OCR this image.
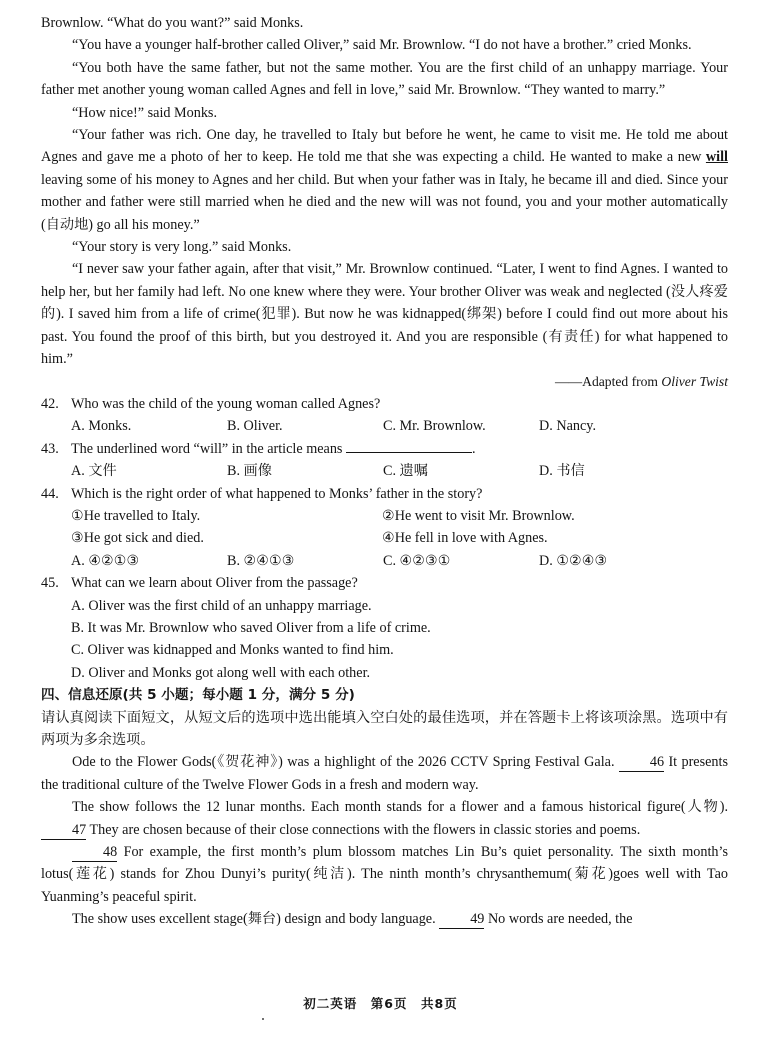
Brownlow. “What do you want?” said Monks.

“You have a younger half-brother called Oliver,” said Mr. Brownlow. “I do not have a brother.” cried Monks.

“You both have the same father, but not the same mother. You are the first child of an unhappy marriage. Your father met another young woman called Agnes and fell in love,” said Mr. Brownlow. “They wanted to marry.”

“How nice!” said Monks.

“Your father was rich. One day, he travelled to Italy but before he went, he came to visit me. He told me about Agnes and gave me a photo of her to keep. He told me that she was expecting a child. He wanted to make a new will leaving some of his money to Agnes and her child. But when your father was in Italy, he became ill and died. Since your mother and father were still married when he died and the new will was not found, you and your mother automatically (自动地) go all his money.”

“Your story is very long.” said Monks.

“I never saw your father again, after that visit,” Mr. Brownlow continued. “Later, I went to find Agnes. I wanted to help her, but her family had left. No one knew where they were. Your brother Oliver was weak and neglected (没人疼爱的). I saved him from a life of crime(犯罪). But now he was kidnapped(绑架) before I could find out more about his past. You found the proof of this birth, but you destroyed it. And you are responsible (有责任) for what happened to him.”

——Adapted from Oliver Twist

42. Who was the child of the young woman called Agnes?
A. Monks.	B. Oliver.	C. Mr. Brownlow.	D. Nancy.
43. The underlined word “will” in the article means	.
A. 文件	B. 画像	C. 遗嘱	D. 书信
44. Which is the right order of what happened to Monks’ father in the story?
①He travelled to Italy.	②He went to visit Mr. Brownlow.
③He got sick and died.	④He fell in love with Agnes.
A. ④②①③	B. ②④①③	C. ④②③①	D. ①②④③
45. What can we learn about Oliver from the passage?
A. Oliver was the first child of an unhappy marriage.
B. It was Mr. Brownlow who saved Oliver from a life of crime.
C. Oliver was kidnapped and Monks wanted to find him.
D. Oliver and Monks got along well with each other.

四、信息还原(共 5 小题；每小题 1 分，满分 5 分)

请认真阅读下面短文，从短文后的选项中选出能填入空白处的最佳选项，并在答题卡上将该项涂黑。选项中有两项为多余选项。

Ode to the Flower Gods(《贺花神》) was a highlight of the 2026 CCTV Spring Festival Gala. 46 It presents the traditional culture of the Twelve Flower Gods in a fresh and modern way.

The show follows the 12 lunar months. Each month stands for a flower and a famous historical figure(人物). 47 They are chosen because of their close connections with the flowers in classic stories and poems.

48 For example, the first month’s plum blossom matches Lin Bu’s quiet personality. The sixth month’s lotus(莲花) stands for Zhou Dunyi’s purity(纯洁). The ninth month’s chrysanthemum(菊花)goes well with Tao Yuanming’s peaceful spirit.

The show uses excellent stage(舞台) design and body language. 49 No words are needed, the

初二英语　第6页　共8页
